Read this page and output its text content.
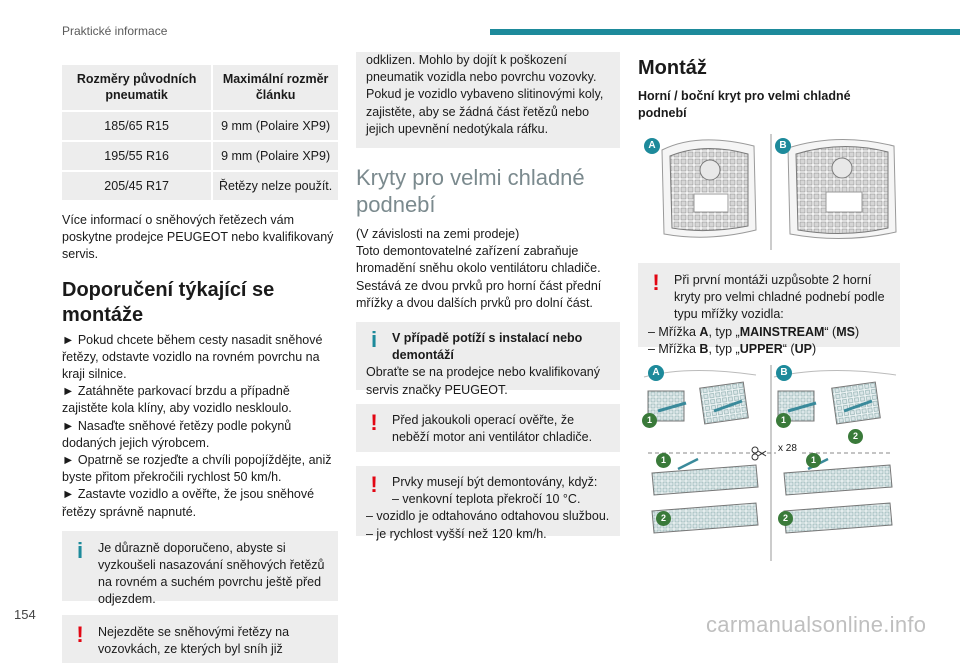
Praktické informace
Rozměry původních pneumatik	Maximální rozměr článku
185/65 R15	9 mm (Polaire XP9)
195/55 R16	9 mm (Polaire XP9)
205/45 R17	Řetězy nelze použít.

Více informací o sněhových řetězech vám poskytne prodejce PEUGEOT nebo kvalifikovaný servis.

Doporučení týkající se montáže

► Pokud chcete během cesty nasadit sněhové řetězy, odstavte vozidlo na rovném povrchu na kraji silnice.

► Zatáhněte parkovací brzdu a případně zajistěte kola klíny, aby vozidlo neskloulo.

► Nasaďte sněhové řetězy podle pokynů dodaných jejich výrobcem.

► Opatrně se rozjeďte a chvíli popojíždějte, aniž byste přitom překročili rychlost 50 km/h.

► Zastavte vozidlo a ověřte, že jsou sněhové řetězy správně napnuté.

i	Je důrazně doporučeno, abyste si vyzkoušeli nasazování sněhových řetězů na rovném a suchém povrchu ještě před odjezdem.
!	Nejezděte se sněhovými řetězy na vozovkách, ze kterých byl sníh již
odklizen. Mohlo by dojít k poškození pneumatik vozidla nebo povrchu vozovky. Pokud je vozidlo vybaveno slitinovými koly, zajistěte, aby se žádná část řetězů nebo jejich upevnění nedotýkala ráfku.
Kryty pro velmi chladné podnebí

(V závislosti na zemi prodeje)
Toto demontovatelné zařízení zabraňuje hromadění sněhu okolo ventilátoru chladiče. Sestává ze dvou prvků pro horní část přední mřížky a dvou dalších prvků pro dolní část.

i	V případě potíží s instalací nebo demontáží
Obraťte se na prodejce nebo kvalifikovaný servis značky PEUGEOT.
!	Před jakoukoli operací ověřte, že neběží motor ani ventilátor chladiče.
!	Prvky musejí být demontovány, když:
– venkovní teplota překročí 10 °C.
– vozidlo je odtahováno odtahovou službou.
– je rychlost vyšší než 120 km/h.
Montáž
Horní / boční kryt pro velmi chladné podnebí
A	B
!	Při první montáži uzpůsobte 2 horní kryty pro velmi chladné podnebí podle typu mřížky vozidla:
– Mřížka A, typ „MAINSTREAM“ (MS)
– Mřížka B, typ „UPPER“ (UP)
A	B
1	1
2
1	1
2	2
x 28
154	carmanualsonline.info
